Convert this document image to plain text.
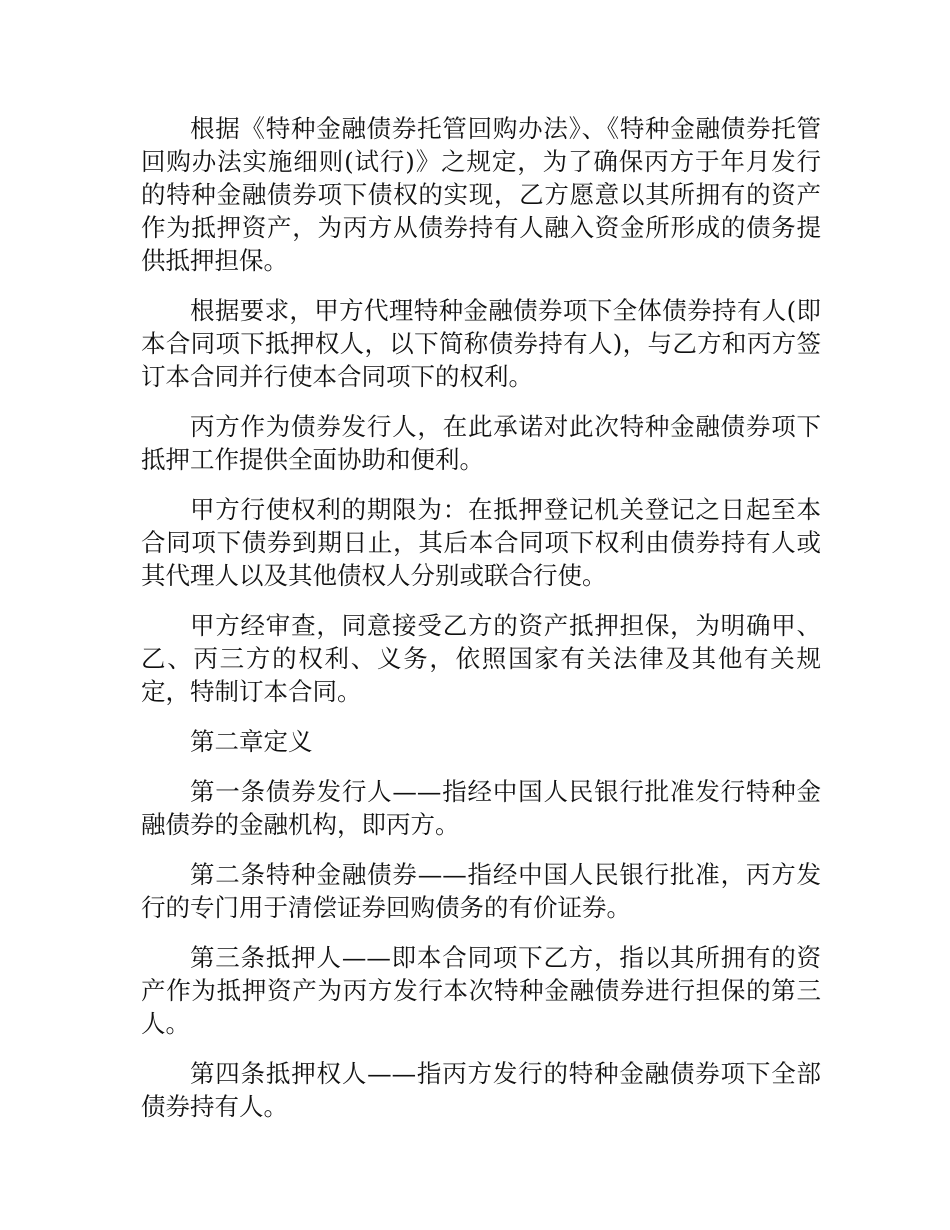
根据《特种金融债券托管回购办法》、《特种金融债券托管回购办法实施细则(试行)》之规定，为了确保丙方于年月发行的特种金融债券项下债权的实现，乙方愿意以其所拥有的资产作为抵押资产，为丙方从债券持有人融入资金所形成的债务提供抵押担保。

根据要求，甲方代理特种金融债券项下全体债券持有人(即本合同项下抵押权人，以下简称债券持有人)，与乙方和丙方签订本合同并行使本合同项下的权利。

丙方作为债券发行人，在此承诺对此次特种金融债券项下抵押工作提供全面协助和便利。

甲方行使权利的期限为：在抵押登记机关登记之日起至本合同项下债券到期日止，其后本合同项下权利由债券持有人或其代理人以及其他债权人分别或联合行使。

甲方经审查，同意接受乙方的资产抵押担保，为明确甲、乙、丙三方的权利、义务，依照国家有关法律及其他有关规定，特制订本合同。

第二章定义

第一条债券发行人——指经中国人民银行批准发行特种金融债券的金融机构，即丙方。

第二条特种金融债券——指经中国人民银行批准，丙方发行的专门用于清偿证券回购债务的有价证券。

第三条抵押人——即本合同项下乙方，指以其所拥有的资产作为抵押资产为丙方发行本次特种金融债券进行担保的第三人。

第四条抵押权人——指丙方发行的特种金融债券项下全部债券持有人。
